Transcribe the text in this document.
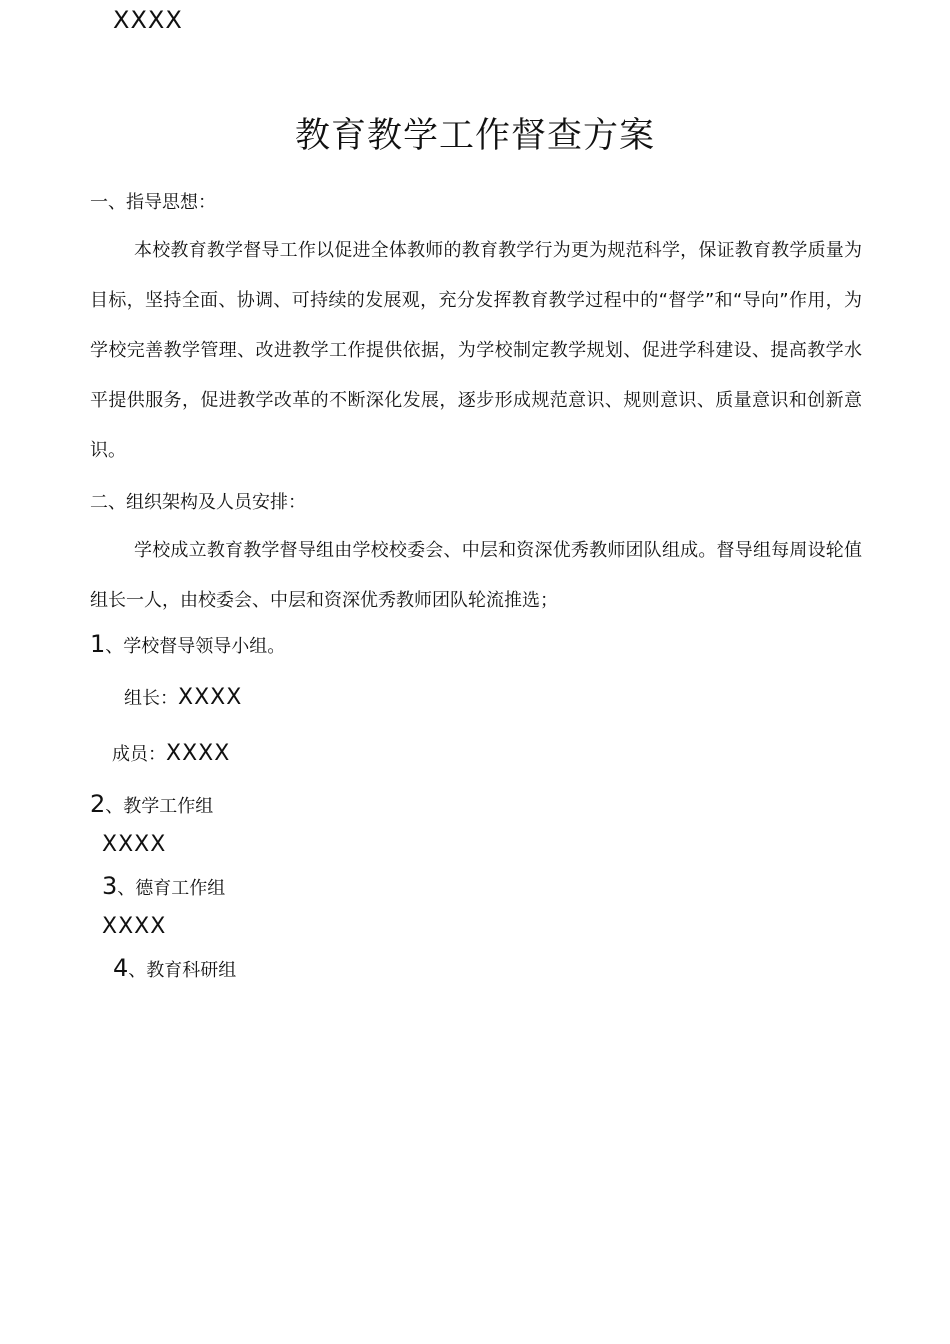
XXXX
教育教学工作督查方案
一、指导思想：
本校教育教学督导工作以促进全体教师的教育教学行为更为规范科学，保证教育教学质量为目标，坚持全面、协调、可持续的发展观，充分发挥教育教学过程中的“督学”和“导向”作用，为学校完善教学管理、改进教学工作提供依据，为学校制定教学规划、促进学科建设、提高教学水平提供服务，促进教学改革的不断深化发展，逐步形成规范意识、规则意识、质量意识和创新意识。
二、组织架构及人员安排：
学校成立教育教学督导组由学校校委会、中层和资深优秀教师团队组成。督导组每周设轮值组长一人，由校委会、中层和资深优秀教师团队轮流推选；
1、学校督导领导小组。
组长：XXXX
成员：XXXX
2、教学工作组
XXXX
3、德育工作组
XXXX
4、教育科研组
